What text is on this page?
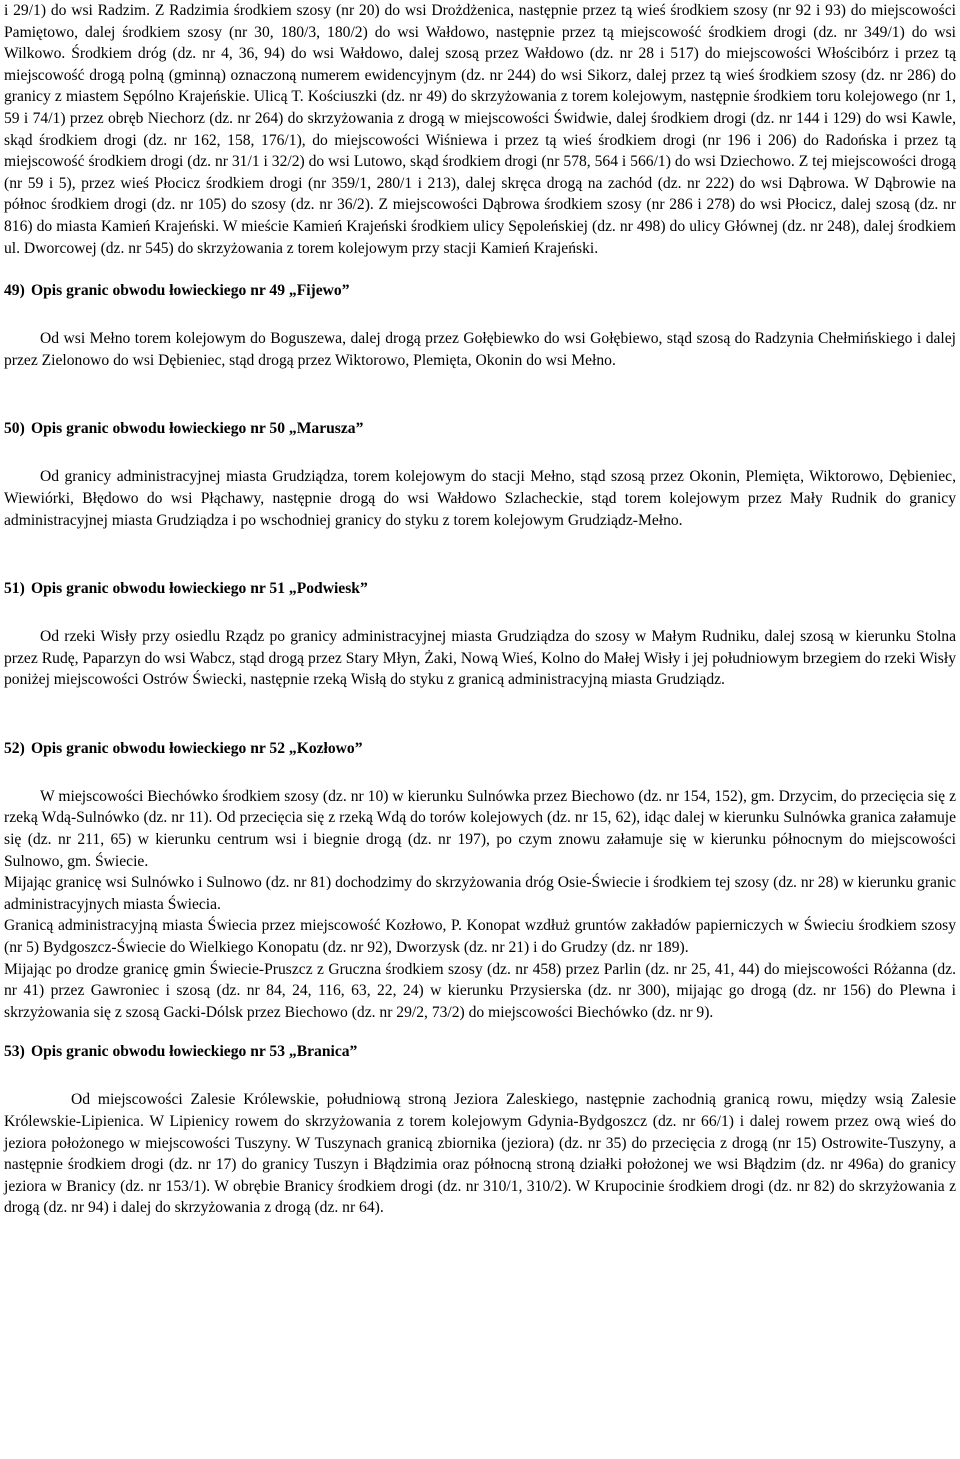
i 29/1) do wsi Radzim. Z Radzimia środkiem szosy (nr 20) do wsi Drożdżenica, następnie przez tą wieś środkiem szosy (nr 92 i 93) do miejscowości Pamiętowo, dalej środkiem szosy (nr 30, 180/3, 180/2) do wsi Wałdowo, następnie przez tą miejscowość środkiem drogi (dz. nr 349/1) do wsi Wilkowo. Środkiem dróg (dz. nr 4, 36, 94) do wsi Wałdowo, dalej szosą przez Wałdowo (dz. nr 28 i 517) do miejscowości Włościbórz i przez tą miejscowość drogą polną (gminną) oznaczoną numerem ewidencyjnym (dz. nr 244) do wsi Sikorz, dalej przez tą wieś środkiem szosy (dz. nr 286) do granicy z miastem Sępólno Krajeńskie. Ulicą T. Kościuszki (dz. nr 49) do skrzyżowania z torem kolejowym, następnie środkiem toru kolejowego (nr 1, 59 i 74/1) przez obręb Niechorz (dz. nr 264) do skrzyżowania z drogą w miejscowości Świdwie, dalej środkiem drogi (dz. nr 144 i 129) do wsi Kawle, skąd środkiem drogi (dz. nr 162, 158, 176/1), do miejscowości Wiśniewa i przez tą wieś środkiem drogi (nr 196 i 206) do Radońska i przez tą miejscowość środkiem drogi (dz. nr 31/1 i 32/2) do wsi Lutowo, skąd środkiem drogi (nr 578, 564 i 566/1) do wsi Dziechowo. Z tej miejscowości drogą (nr 59 i 5), przez wieś Płocicz środkiem drogi (nr 359/1, 280/1 i 213), dalej skręca drogą na zachód (dz. nr 222) do wsi Dąbrowa. W Dąbrowie na północ środkiem drogi (dz. nr 105) do szosy (dz. nr 36/2). Z miejscowości Dąbrowa środkiem szosy (nr 286 i 278) do wsi Płocicz, dalej szosą (dz. nr 816) do miasta Kamień Krajeński. W mieście Kamień Krajeński środkiem ulicy Sępoleńskiej (dz. nr 498) do ulicy Głównej (dz. nr 248), dalej środkiem ul. Dworcowej (dz. nr 545) do skrzyżowania z torem kolejowym przy stacji Kamień Krajeński.

49) Opis granic obwodu łowieckiego nr 49 „Fijewo”

Od wsi Mełno torem kolejowym do Boguszewa, dalej drogą przez Gołębiewko do wsi Gołębiewo, stąd szosą do Radzynia Chełmińskiego i dalej przez Zielonowo do wsi Dębieniec, stąd drogą przez Wiktorowo, Plemięta, Okonin do wsi Mełno.

50) Opis granic obwodu łowieckiego nr 50 „Marusza”

Od granicy administracyjnej miasta Grudziądza, torem kolejowym do stacji Mełno, stąd szosą przez Okonin, Plemięta, Wiktorowo, Dębieniec, Wiewiórki, Błędowo do wsi Płąchawy, następnie drogą do wsi Wałdowo Szlacheckie, stąd torem kolejowym przez Mały Rudnik do granicy administracyjnej miasta Grudziądza i po wschodniej granicy do styku z torem kolejowym Grudziądz-Mełno.

51) Opis granic obwodu łowieckiego nr 51 „Podwiesk”

Od rzeki Wisły przy osiedlu Rządz po granicy administracyjnej miasta Grudziądza do szosy w Małym Rudniku, dalej szosą w kierunku Stolna przez Rudę, Paparzyn do wsi Wabcz, stąd drogą przez Stary Młyn, Żaki, Nową Wieś, Kolno do Małej Wisły i jej południowym brzegiem do rzeki Wisły poniżej miejscowości Ostrów Świecki, następnie rzeką Wisłą do styku z granicą administracyjną miasta Grudziądz.

52) Opis granic obwodu łowieckiego nr 52 „Kozłowo”

W miejscowości Biechówko środkiem szosy (dz. nr 10) w kierunku Sulnówka przez Biechowo (dz. nr 154, 152), gm. Drzycim, do przecięcia się z rzeką Wdą-Sulnówko (dz. nr 11). Od przecięcia się z rzeką Wdą do torów kolejowych (dz. nr 15, 62), idąc dalej w kierunku Sulnówka granica załamuje się (dz. nr 211, 65) w kierunku centrum wsi i biegnie drogą (dz. nr 197), po czym znowu załamuje się w kierunku północnym do miejscowości Sulnowo, gm. Świecie.

Mijając granicę wsi Sulnówko i Sulnowo (dz. nr 81) dochodzimy do skrzyżowania dróg Osie-Świecie i środkiem tej szosy (dz. nr 28) w kierunku granic administracyjnych miasta Świecia.

Granicą administracyjną miasta Świecia przez miejscowość Kozłowo, P. Konopat wzdłuż gruntów zakładów papierniczych w Świeciu środkiem szosy (nr 5) Bydgoszcz-Świecie do Wielkiego Konopatu (dz. nr 92), Dworzysk (dz. nr 21) i do Grudzy (dz. nr 189).

Mijając po drodze granicę gmin Świecie-Pruszcz z Gruczna środkiem szosy (dz. nr 458) przez Parlin (dz. nr 25, 41, 44) do miejscowości Różanna (dz. nr 41) przez Gawroniec i szosą (dz. nr 84, 24, 116, 63, 22, 24) w kierunku Przysierska (dz. nr 300), mijając go drogą (dz. nr 156) do Plewna i skrzyżowania się z szosą Gacki-Dólsk przez Biechowo (dz. nr 29/2, 73/2) do miejscowości Biechówko (dz. nr 9).

53) Opis granic obwodu łowieckiego nr 53 „Branica”

Od miejscowości Zalesie Królewskie, południową stroną Jeziora Zaleskiego, następnie zachodnią granicą rowu, między wsią Zalesie Królewskie-Lipienica. W Lipienicy rowem do skrzyżowania z torem kolejowym Gdynia-Bydgoszcz (dz. nr 66/1) i dalej rowem przez ową wieś do jeziora położonego w miejscowości Tuszyny. W Tuszynach granicą zbiornika (jeziora) (dz. nr 35) do przecięcia z drogą (nr 15) Ostrowite-Tuszyny, a następnie środkiem drogi (dz. nr 17) do granicy Tuszyn i Błądzimia oraz północną stroną działki położonej we wsi Błądzim (dz. nr 496a) do granicy jeziora w Branicy (dz. nr 153/1). W obrębie Branicy środkiem drogi (dz. nr 310/1, 310/2). W Krupocinie środkiem drogi (dz. nr 82) do skrzyżowania z drogą (dz. nr 94) i dalej do skrzyżowania z drogą (dz. nr 64).
